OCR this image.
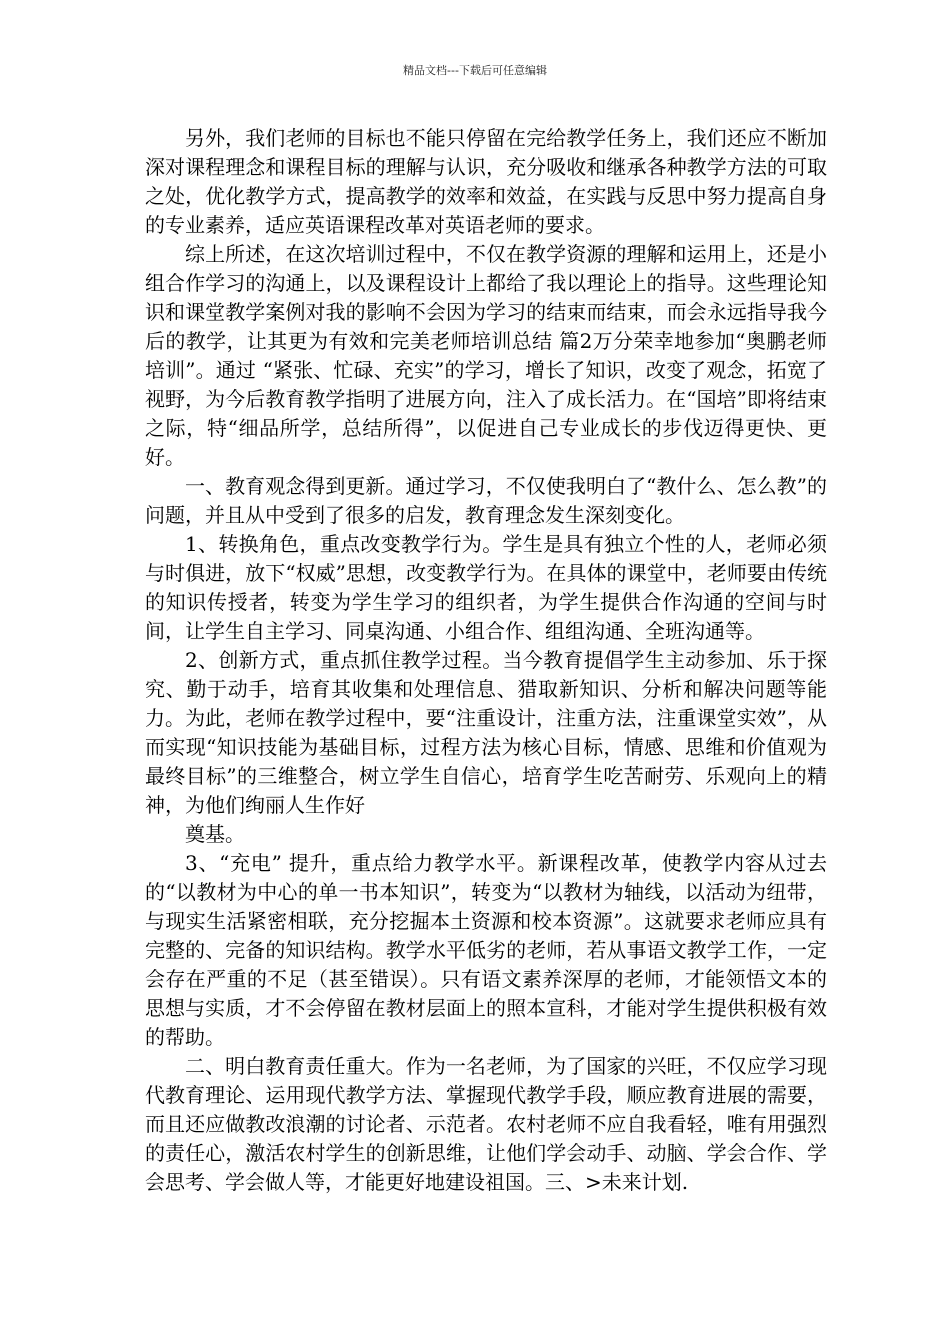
精品文档---下载后可任意编辑

另外，我们老师的目标也不能只停留在完给教学任务上，我们还应不断加深对课程理念和课程目标的理解与认识，充分吸收和继承各种教学方法的可取之处，优化教学方式，提高教学的效率和效益，在实践与反思中努力提高自身的专业素养，适应英语课程改革对英语老师的要求。

综上所述，在这次培训过程中，不仅在教学资源的理解和运用上，还是小组合作学习的沟通上，以及课程设计上都给了我以理论上的指导。这些理论知识和课堂教学案例对我的影响不会因为学习的结束而结束，而会永远指导我今后的教学，让其更为有效和完美老师培训总结 篇2万分荣幸地参加“奥鹏老师培训”。通过 “紧张、忙碌、充实”的学习，增长了知识，改变了观念，拓宽了视野，为今后教育教学指明了进展方向，注入了成长活力。在“国培”即将结束之际，特“细品所学，总结所得”，以促进自己专业成长的步伐迈得更快、更好。

一、教育观念得到更新。通过学习，不仅使我明白了“教什么、怎么教”的问题，并且从中受到了很多的启发，教育理念发生深刻变化。

1、转换角色，重点改变教学行为。学生是具有独立个性的人，老师必须与时俱进，放下“权威”思想，改变教学行为。在具体的课堂中，老师要由传统的知识传授者，转变为学生学习的组织者，为学生提供合作沟通的空间与时间，让学生自主学习、同桌沟通、小组合作、组组沟通、全班沟通等。

2、创新方式，重点抓住教学过程。当今教育提倡学生主动参加、乐于探究、勤于动手，培育其收集和处理信息、猎取新知识、分析和解决问题等能力。为此，老师在教学过程中，要“注重设计，注重方法，注重课堂实效”，从而实现“知识技能为基础目标，过程方法为核心目标，情感、思维和价值观为最终目标”的三维整合，树立学生自信心，培育学生吃苦耐劳、乐观向上的精神，为他们绚丽人生作好

奠基。

3、“充电” 提升，重点给力教学水平。新课程改革，使教学内容从过去的“以教材为中心的单一书本知识”，转变为“以教材为轴线，以活动为纽带，与现实生活紧密相联，充分挖掘本土资源和校本资源”。这就要求老师应具有完整的、完备的知识结构。教学水平低劣的老师，若从事语文教学工作，一定会存在严重的不足（甚至错误）。只有语文素养深厚的老师，才能领悟文本的思想与实质，才不会停留在教材层面上的照本宣科，才能对学生提供积极有效的帮助。

二、明白教育责任重大。作为一名老师，为了国家的兴旺，不仅应学习现代教育理论、运用现代教学方法、掌握现代教学手段，顺应教育进展的需要，而且还应做教改浪潮的讨论者、示范者。农村老师不应自我看轻，唯有用强烈的责任心，激活农村学生的创新思维，让他们学会动手、动脑、学会合作、学会思考、学会做人等，才能更好地建设祖国。三、>未来计划.
